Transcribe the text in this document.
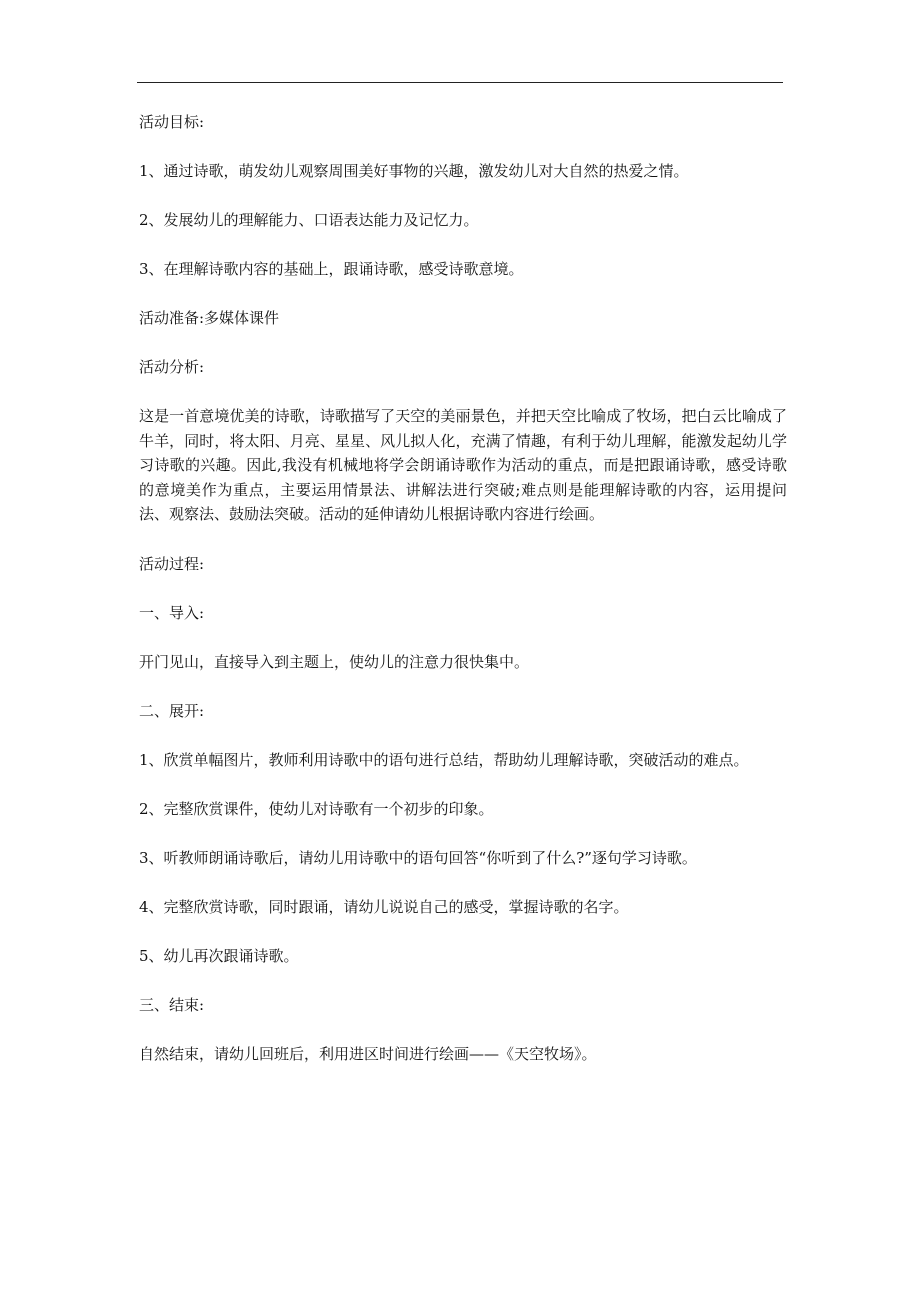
活动目标:
1、通过诗歌，萌发幼儿观察周围美好事物的兴趣，激发幼儿对大自然的热爱之情。
2、发展幼儿的理解能力、口语表达能力及记忆力。
3、在理解诗歌内容的基础上，跟诵诗歌，感受诗歌意境。
活动准备:多媒体课件
活动分析:
这是一首意境优美的诗歌，诗歌描写了天空的美丽景色，并把天空比喻成了牧场，把白云比喻成了牛羊，同时，将太阳、月亮、星星、风儿拟人化，充满了情趣，有利于幼儿理解，能激发起幼儿学习诗歌的兴趣。因此,我没有机械地将学会朗诵诗歌作为活动的重点，而是把跟诵诗歌，感受诗歌的意境美作为重点，主要运用情景法、讲解法进行突破;难点则是能理解诗歌的内容，运用提问法、观察法、鼓励法突破。活动的延伸请幼儿根据诗歌内容进行绘画。
活动过程:
一、导入:
开门见山，直接导入到主题上，使幼儿的注意力很快集中。
二、展开:
1、欣赏单幅图片，教师利用诗歌中的语句进行总结，帮助幼儿理解诗歌，突破活动的难点。
2、完整欣赏课件，使幼儿对诗歌有一个初步的印象。
3、听教师朗诵诗歌后，请幼儿用诗歌中的语句回答“你听到了什么?”逐句学习诗歌。
4、完整欣赏诗歌，同时跟诵，请幼儿说说自己的感受，掌握诗歌的名字。
5、幼儿再次跟诵诗歌。
三、结束:
自然结束，请幼儿回班后，利用进区时间进行绘画——《天空牧场》。
